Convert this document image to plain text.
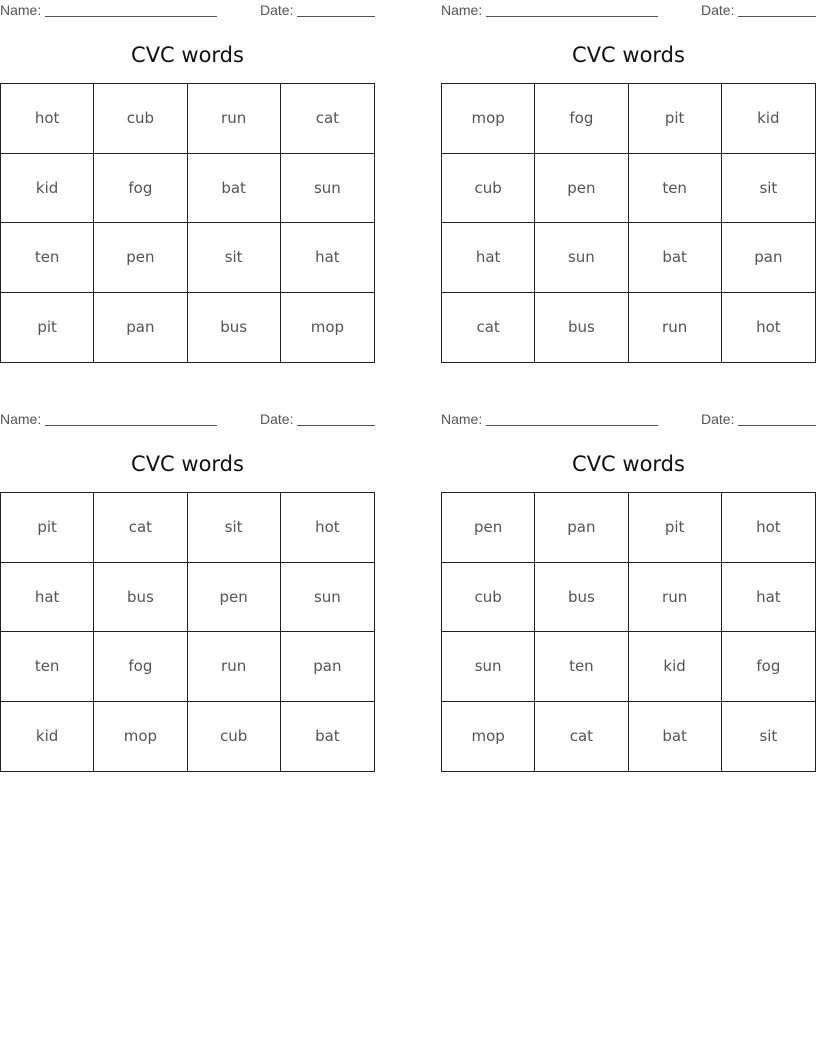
Name:	Date:
CVC words
hot	cub	run	cat
kid	fog	bat	sun
ten	pen	sit	hat
pit	pan	bus	mop
Name:	Date:
CVC words
mop	fog	pit	kid
cub	pen	ten	sit
hat	sun	bat	pan
cat	bus	run	hot
Name:	Date:
CVC words
pit	cat	sit	hot
hat	bus	pen	sun
ten	fog	run	pan
kid	mop	cub	bat
Name:	Date:
CVC words
pen	pan	pit	hot
cub	bus	run	hat
sun	ten	kid	fog
mop	cat	bat	sit
